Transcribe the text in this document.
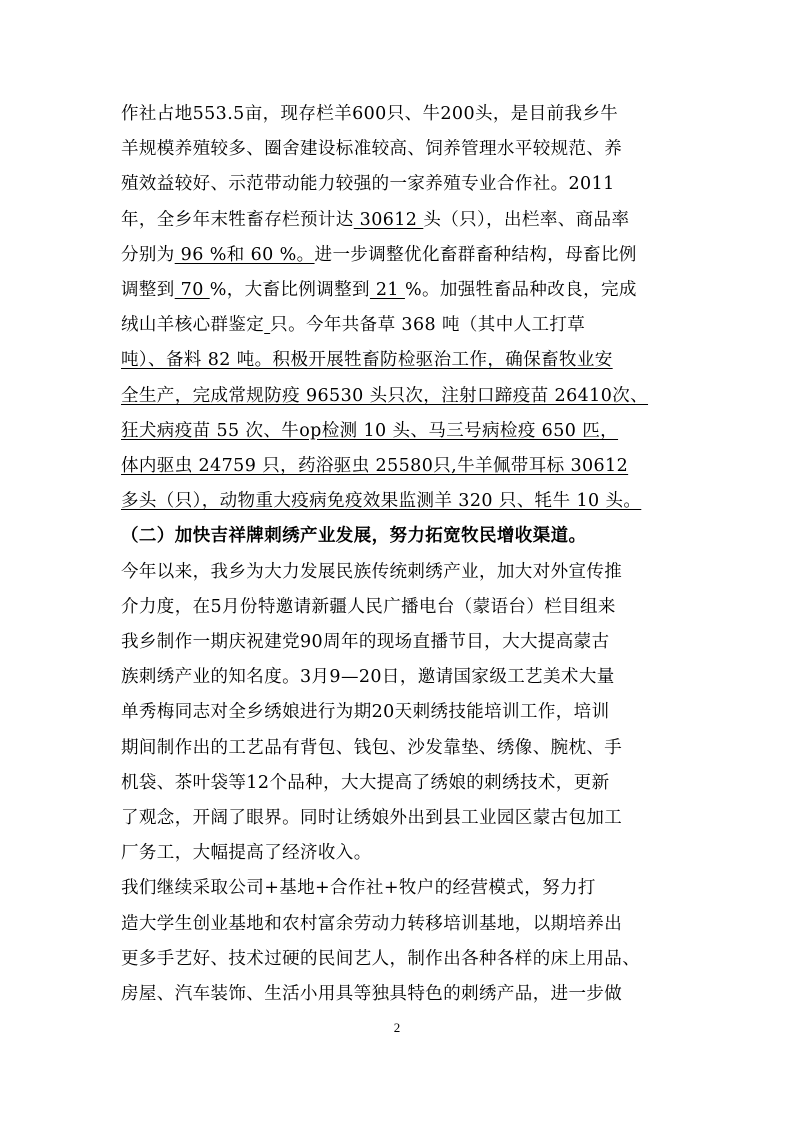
作社占地553.5亩，现存栏羊600只、牛200头，是目前我乡牛
羊规模养殖较多、圈舍建设标准较高、饲养管理水平较规范、养
殖效益较好、示范带动能力较强的一家养殖专业合作社。2011
年，全乡年末牲畜存栏预计达 30612 头（只），出栏率、商品率
分别为 96 %和 60 %。进一步调整优化畜群畜种结构，母畜比例
调整到 70 %，大畜比例调整到 21 %。加强牲畜品种改良，完成
绒山羊核心群鉴定 只。今年共备草 368 吨（其中人工打草
吨）、备料 82 吨。积极开展牲畜防检驱治工作，确保畜牧业安
全生产，完成常规防疫 96530 头只次，注射口蹄疫苗 26410次、
狂犬病疫苗 55 次、牛op检测 10 头、马三号病检疫 650 匹，
体内驱虫 24759 只，药浴驱虫 25580只,牛羊佩带耳标 30612
多头（只），动物重大疫病免疫效果监测羊 320 只、牦牛 10 头。
（二）加快吉祥牌刺绣产业发展，努力拓宽牧民增收渠道。
今年以来，我乡为大力发展民族传统刺绣产业，加大对外宣传推
介力度，在5月份特邀请新疆人民广播电台（蒙语台）栏目组来
我乡制作一期庆祝建党90周年的现场直播节目，大大提高蒙古
族刺绣产业的知名度。3月9—20日，邀请国家级工艺美术大量
单秀梅同志对全乡绣娘进行为期20天刺绣技能培训工作，培训
期间制作出的工艺品有背包、钱包、沙发靠垫、绣像、腕枕、手
机袋、茶叶袋等12个品种，大大提高了绣娘的刺绣技术，更新
了观念，开阔了眼界。同时让绣娘外出到县工业园区蒙古包加工
厂务工，大幅提高了经济收入。
我们继续采取公司+基地+合作社+牧户的经营模式，努力打
造大学生创业基地和农村富余劳动力转移培训基地，以期培养出
更多手艺好、技术过硬的民间艺人，制作出各种各样的床上用品、
房屋、汽车装饰、生活小用具等独具特色的刺绣产品，进一步做
2
